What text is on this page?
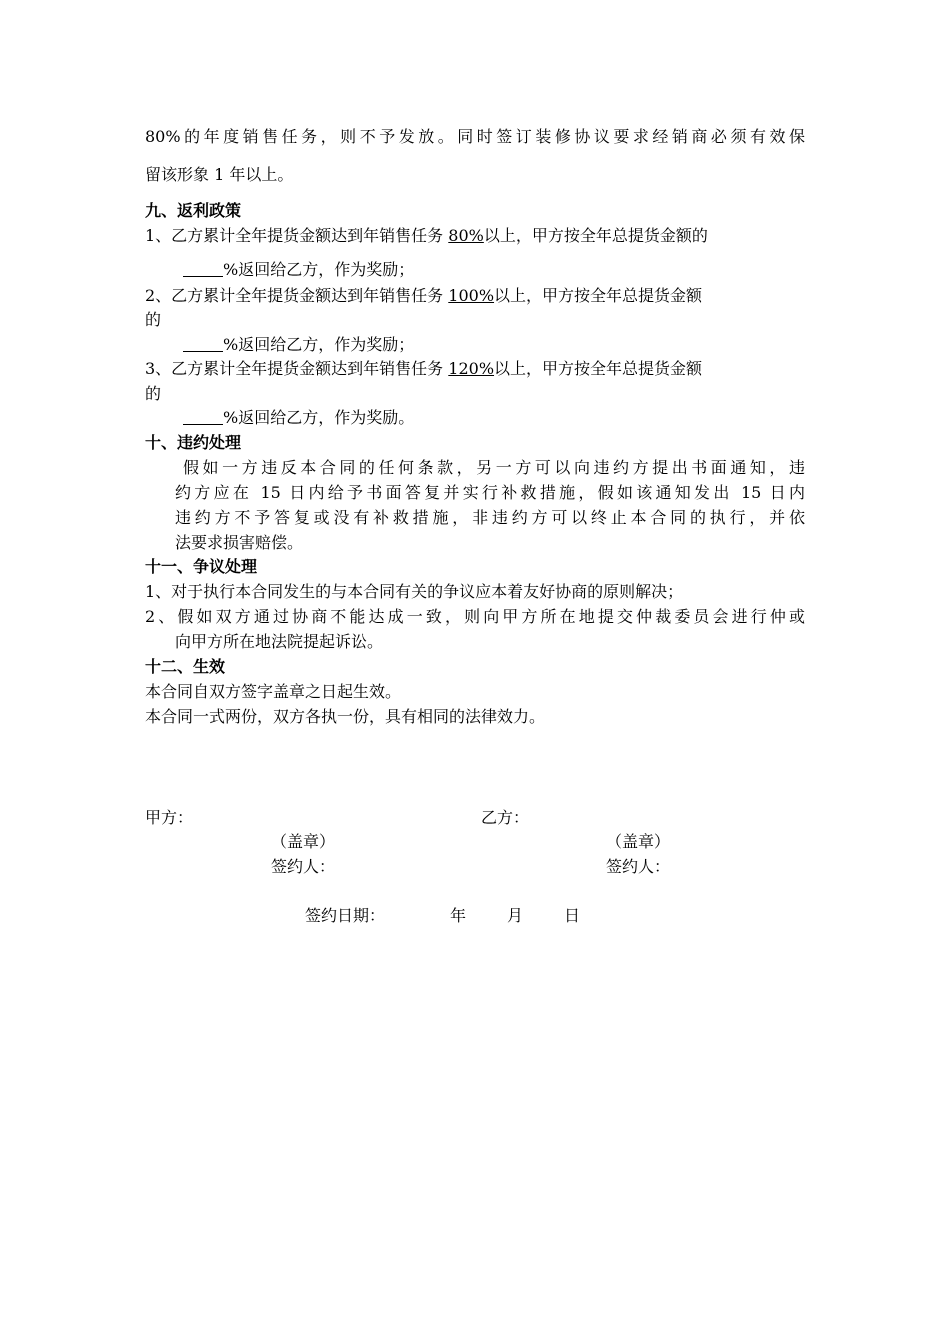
80%的年度销售任务，则不予发放。同时签订装修协议要求经销商必须有效保
留该形象 1 年以上。
九、返利政策
1、乙方累计全年提货金额达到年销售任务 80%以上，甲方按全年总提货金额的
%返回给乙方，作为奖励；
2、乙方累计全年提货金额达到年销售任务 100%以上，甲方按全年总提货金额
的
%返回给乙方，作为奖励；
3、乙方累计全年提货金额达到年销售任务 120%以上，甲方按全年总提货金额
的
%返回给乙方，作为奖励。
十、违约处理
假如一方违反本合同的任何条款，另一方可以向违约方提出书面通知，违
约方应在 15 日内给予书面答复并实行补救措施，假如该通知发出 15 日内
违约方不予答复或没有补救措施，非违约方可以终止本合同的执行，并依
法要求损害赔偿。
十一、争议处理
1、对于执行本合同发生的与本合同有关的争议应本着友好协商的原则解决；
2、假如双方通过协商不能达成一致，则向甲方所在地提交仲裁委员会进行仲或
向甲方所在地法院提起诉讼。
十二、生效
本合同自双方签字盖章之日起生效。
本合同一式两份，双方各执一份，具有相同的法律效力。
甲方：	乙方：
（盖章）	（盖章）
签约人：	签约人：
签约日期：	年	月	日
